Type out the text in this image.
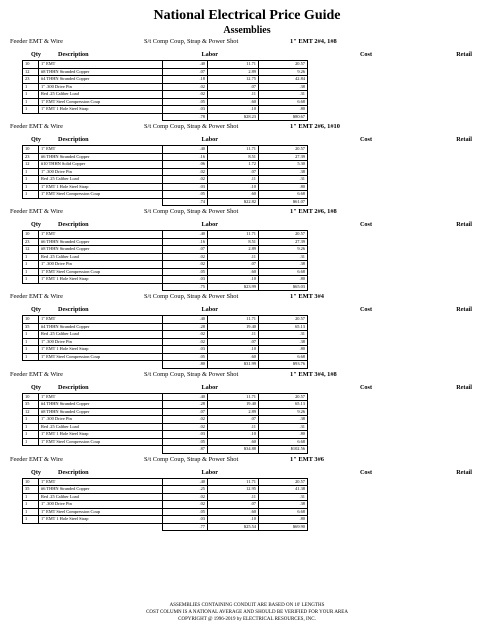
National Electrical Price Guide
Assemblies
Feeder EMT & Wire	S/t Comp Coup, Strap & Power Shot	1" EMT 2#4, 1#8
Qty	Description	Labor	Cost	Retail
10	1" EMT	.40	11.71	20.57
12	#8 THHN Stranded Copper	.07	2.89	9.26
23	#4 THHN Stranded Copper	.18	12.75	42.84
1	1" .300 Drive Pin	.02	.07	.38
1	Red .25 Caliber Load	.02	.11	.31
1	1" EMT Steel Compression Coup	.05	.60	6.68
1	1" EMT 1 Hole Steel Strap	.03	.10	.80
		.78	$28.23	$80.67
Feeder EMT & Wire	S/t Comp Coup, Strap & Power Shot	1" EMT 2#6, 1#10
Qty	Description	Labor	Cost	Retail
10	1" EMT	.40	11.71	20.57
23	#6 THHN Stranded Copper	.16	8.51	27.39
12	#10 THHN Solid Copper	.06	1.72	5.30
1	1" .300 Drive Pin	.02	.07	.38
1	Red .25 Caliber Load	.02	.11	.31
1	1" EMT 1 Hole Steel Strap	.03	.10	.80
1	1" EMT Steel Compression Coup	.05	.60	6.68
		.74	$22.82	$61.07
Feeder EMT & Wire	S/t Comp Coup, Strap & Power Shot	1" EMT 2#6, 1#8
Qty	Description	Labor	Cost	Retail
10	1" EMT	.40	11.71	20.57
23	#6 THHN Stranded Copper	.16	8.51	27.39
12	#8 THHN Stranded Copper	.07	2.89	9.26
1	Red .25 Caliber Load	.02	.11	.31
1	1" .300 Drive Pin	.02	.07	.38
1	1" EMT Steel Compression Coup	.05	.60	6.68
1	1" EMT 1 Hole Steel Strap	.03	.10	.80
		.75	$23.99	$65.03
Feeder EMT & Wire	S/t Comp Coup, Strap & Power Shot	1" EMT 3#4
Qty	Description	Labor	Cost	Retail
10	1" EMT	.40	11.71	20.57
35	#4 THHN Stranded Copper	.28	19.40	65.13
1	Red .25 Caliber Load	.02	.11	.31
1	1" .300 Drive Pin	.02	.07	.38
1	1" EMT 1 Hole Steel Strap	.03	.10	.80
1	1" EMT Steel Compression Coup	.05	.60	6.68
		.80	$31.99	$93.76
Feeder EMT & Wire	S/t Comp Coup, Strap & Power Shot	1" EMT 3#4, 1#8
Qty	Description	Labor	Cost	Retail
10	1" EMT	.40	11.71	20.57
35	#4 THHN Stranded Copper	.28	19.40	65.13
12	#8 THHN Stranded Copper	.07	2.89	9.26
1	1" .300 Drive Pin	.02	.07	.38
1	Red .25 Caliber Load	.02	.11	.31
1	1" EMT 1 Hole Steel Strap	.03	.10	.80
1	1" EMT Steel Compression Coup	.05	.60	6.68
		.87	$34.88	$102.56
Feeder EMT & Wire	S/t Comp Coup, Strap & Power Shot	1" EMT 3#6
Qty	Description	Labor	Cost	Retail
10	1" EMT	.40	11.71	20.57
35	#6 THHN Stranded Copper	.25	12.95	41.38
1	Red .25 Caliber Load	.02	.11	.31
1	1" .300 Drive Pin	.02	.07	.38
1	1" EMT Steel Compression Coup	.05	.60	6.68
1	1" EMT 1 Hole Steel Strap	.03	.10	.80
		.77	$25.54	$69.90
ASSEMBLIES CONTAINING CONDUIT ARE BASED ON 10' LENGTHS
COST COLUMN IS A NATIONAL AVERAGE AND SHOULD BE VERIFIED FOR YOUR AREA
COPYRIGHT @ 1996-2019 by ELECTRICAL RESOURCES, INC.
